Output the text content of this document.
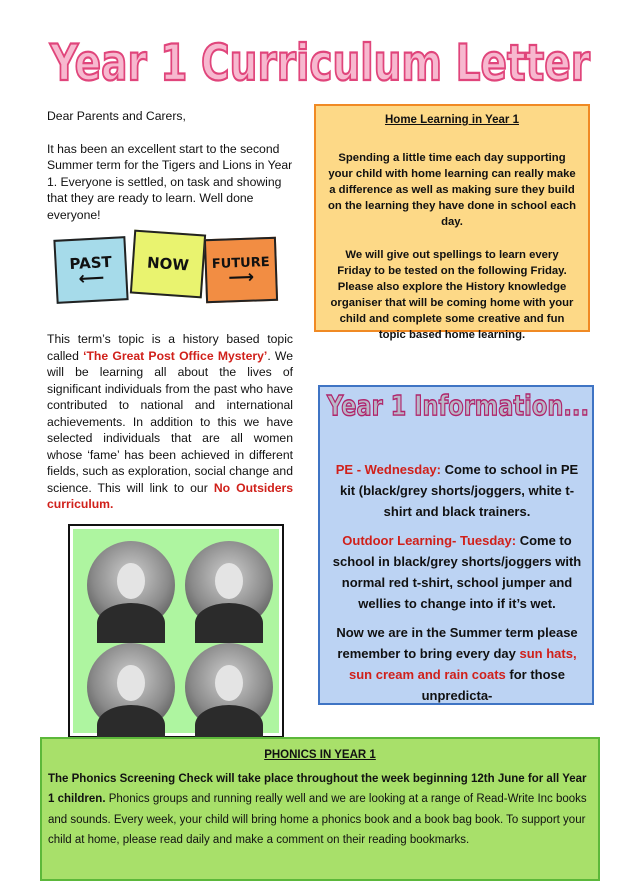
Year 1 Curriculum Letter

Dear Parents and Carers,

It has been an excellent start to the second Summer term for the Tigers and Lions in Year 1. Everyone is settled, on task and showing that they are ready to learn. Well done everyone!

PAST
⟵
NOW FUTURE
⟶
This term’s topic is a history based topic called ‘The Great Post Office Mystery’. We will be learning all about the lives of significant individuals from the past who have contributed to national and international achievements. In addition to this we have selected individuals that are all women whose ‘fame’ has been achieved in different fields, such as exploration, social change and science. This will link to our No Outsiders curriculum.
Home Learning in Year 1

Spending a little time each day supporting your child with home learning can really make a difference as well as making sure they build on the learning they have done in school each day.

We will give out spellings to learn every Friday to be tested on the following Friday. Please also explore the History knowledge organiser that will be coming home with your child and complete some creative and fun topic based home learning.

Year 1 Information...

PE - Wednesday: Come to school in PE kit (black/grey shorts/joggers, white t-shirt and black trainers.

Outdoor Learning- Tuesday: Come to school in black/grey shorts/joggers with normal red t-shirt, school jumper and wellies to change into if it’s wet.

Now we are in the Summer term please remember to bring every day sun hats, sun cream and rain coats for those unpredicta-

PHONICS IN YEAR 1

The Phonics Screening Check will take place throughout the week beginning 12th June for all Year 1 children. Phonics groups and running really well and we are looking at a range of Read-Write Inc books and sounds. Every week, your child will bring home a phonics book and a book bag book. To support your child at home, please read daily and make a comment on their reading bookmarks.
